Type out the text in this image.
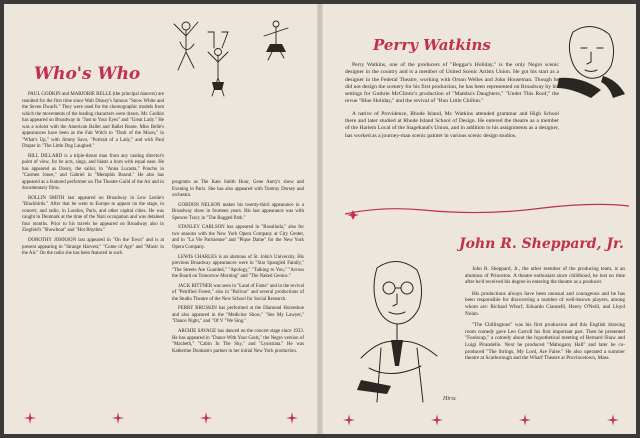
Who's Who

PAUL GODKIN and MARJORIE BELLE (the principal dancers) are reunited for the first time since Walt Disney's famous "Snow White and the Seven Dwarfs." They were used for the choreographic models from which the movements of the leading characters were drawn. Mr. Godkin has appeared on Broadway in "Just to Your Eyes" and "Great Lady." He was a soloist with the American Ballet and Ballet Russe. Miss Belle's appearances have been as the Fair Witch to "Dark of the Moon," in "What's Up," with Jimmy Savo, "Portrait of a Lady," and with Paul Draper in "The Little Dog Laughed."

BILL DILLARD is a triple-threat man from any casting director's point of view, for he acts, sings, and blasts a horn with equal ease. He has appeared as Doory, the sailor, in "Anna Lucasta," Poncho in "Carmen Jones," and Gabriel in "Memphis Bound." He also has appeared as a featured performer on The Theatre Guild of the Air and in documentary films.

ROLLIN SMITH last appeared on Broadway in Lew Leslie's "Blackbirds." After that he went to Europe to appear on the stage, in concert, and radio, in London, Paris, and other capital cities. He was caught in Denmark at the time of the Nazi occupation and was detained four months. Prior to his travels he appeared on Broadway also in Ziegfeld's "Showboat" and "Hot Rhythm."

DOROTHY JOHNSON last appeared in "On the Town" and is at present appearing in "Strange Harvest," "Come of Age" and "Music in the Air." On the radio she has been featured in such

programs as The Kate Smith Hour, Gene Autry's show and Evening in Paris. She has also appeared with Tommy Dorsey and orchestra.

GORDON NELSON makes his twenty-third appearance in a Broadway show in fourteen years. His last appearance was with Spencer Tracy in "The Rugged Path."

STANLEY CARLSON has appeared in "Rosalinda," also for two seasons with the New York Opera Company at City Center, and in "La Vie Parisienne" and "Pique Dame" for the New York Opera Company.

LEWIS CHARLES is an alumnus of St. John's University. His previous Broadway appearances were in "Star Spangled Family," "The Streets Are Guarded," "Apology," "Talking to You," "Across the Board on Tomorrow Morning" and "The Naked Genius."

JACK BITTNER was seen in "Land of Fame" and in the revival of "Petrified Forest," also in "Bolivar" and several productions of the Studio Theatre of the New School for Social Research.

PERRY BRUSKIN has performed at the Diamond Horseshoe and also appeared in the "Medicine Show," "See My Lawyer," "Dance Night," and "Of V "We Sing."

ARCHIE SAVAGE has danced on the concert stage since 1933. He has appeared in "Dance With Your Gods," the Negro version of "Macbeth," "Cabin In The Sky," and "Lysistrata." He was Katherine Dunham's partner in her initial New York production.

Perry Watkins

Perry Watkins, one of the producers of "Beggar's Holiday," is the only Negro scenic designer in the country and is a member of United Scenic Artists Union. He got his start as a designer in the Federal Theatre, working with Orson Welles and John Houseman. Though he did not design the scenery for his first production, he has been represented on Broadway by his settings for Guthrie McClintic's production of "Mamba's Daughters," "Under This Roof," the revue "Blue Holiday," and the revival of "Run Little Chillun."

A native of Providence, Rhode Island, Mr. Watkins attended grammar and High School there and later studied at Rhode Island School of Design. He entered the theatre as a member of the Harlem Local of the Stagehand's Union, and in addition to his assignments as a designer, has worked as a journey-man scenic painter in various scenic design studios.

John R. Sheppard, Jr.
Hirsc

John R. Sheppard, Jr., the other member of the producing team, is an alumnus of Princeton. A theatre enthusiast since childhood, he lost no time after he'd received his degree in entering the theatre as a producer.

His productions always have been unusual and courageous and he has been responsible for discovering a number of well-known players, among whom are: Richard Whorf, Eduardo Ciannelli, Henry O'Neill, and Lloyd Nolan.

"The Chillingtons" was his first production and this English drawing room comedy gave Leo Carroll his first important part. Then he presented "Foolscap," a comedy about the hypothetical meeting of Bernard Shaw and Luigi Pirandello. Next he produced "Mahogany Hall" and later he co-produced "The Strings, My Lord, Are False." He also operated a summer theatre at Scarborough and the Wharf Theatre at Provincetown, Mass.
